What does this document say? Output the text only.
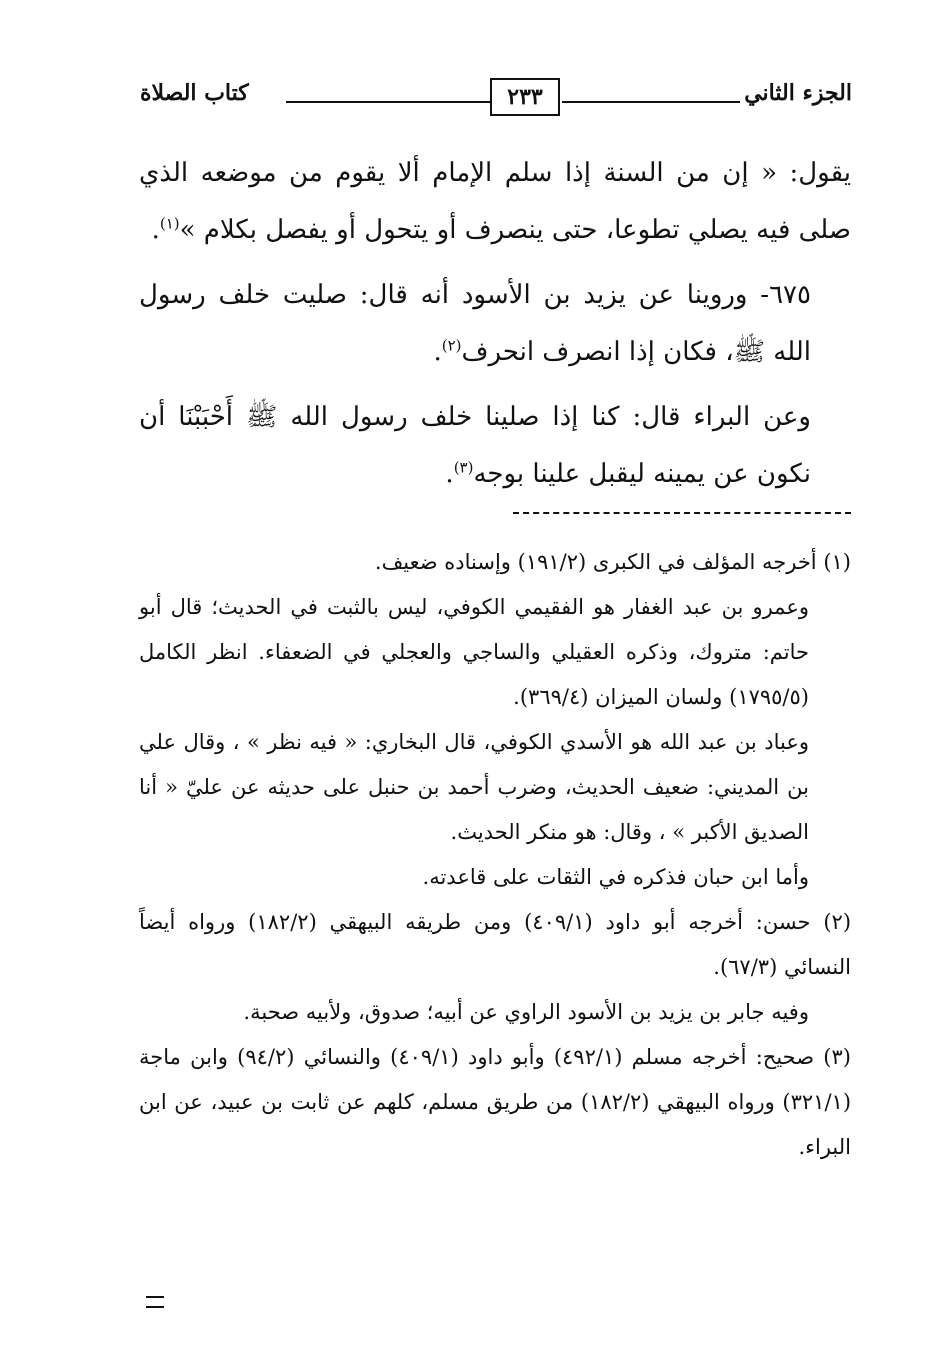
الجزء الثاني
٢٣٣
كتاب الصلاة

يقول: « إن من السنة إذا سلم الإمام ألا يقوم من موضعه الذي صلى فيه يصلي تطوعا، حتى ينصرف أو يتحول أو يفصل بكلام »$^{(١)}$.

٦٧٥- وروينا عن يزيد بن الأسود أنه قال: صليت خلف رسول الله ﷺ، فكان إذا انصرف انحرف$^{(٢)}$.

وعن البراء قال: كنا إذا صلينا خلف رسول الله ﷺ أَحْبَبْنَا أن نكون عن يمينه ليقبل علينا بوجه$^{(٣)}$.

(١) أخرجه المؤلف في الكبرى (١٩١/٢) وإسناده ضعيف.

وعمرو بن عبد الغفار هو الفقيمي الكوفي، ليس بالثبت في الحديث؛ قال أبو حاتم: متروك، وذكره العقيلي والساجي والعجلي في الضعفاء. انظر الكامل (١٧٩٥/٥) ولسان الميزان (٣٦٩/٤).

وعباد بن عبد الله هو الأسدي الكوفي، قال البخاري: « فيه نظر » ، وقال علي بن المديني: ضعيف الحديث، وضرب أحمد بن حنبل على حديثه عن عليّ « أنا الصديق الأكبر » ، وقال: هو منكر الحديث.

وأما ابن حبان فذكره في الثقات على قاعدته.

(٢) حسن: أخرجه أبو داود (٤٠٩/١) ومن طريقه البيهقي (١٨٢/٢) ورواه أيضاً النسائي (٦٧/٣).

وفيه جابر بن يزيد بن الأسود الراوي عن أبيه؛ صدوق، ولأبيه صحبة.

(٣) صحيح: أخرجه مسلم (٤٩٢/١) وأبو داود (٤٠٩/١) والنسائي (٩٤/٢) وابن ماجة (٣٢١/١) ورواه البيهقي (١٨٢/٢) من طريق مسلم، كلهم عن ثابت بن عبيد، عن ابن البراء.
